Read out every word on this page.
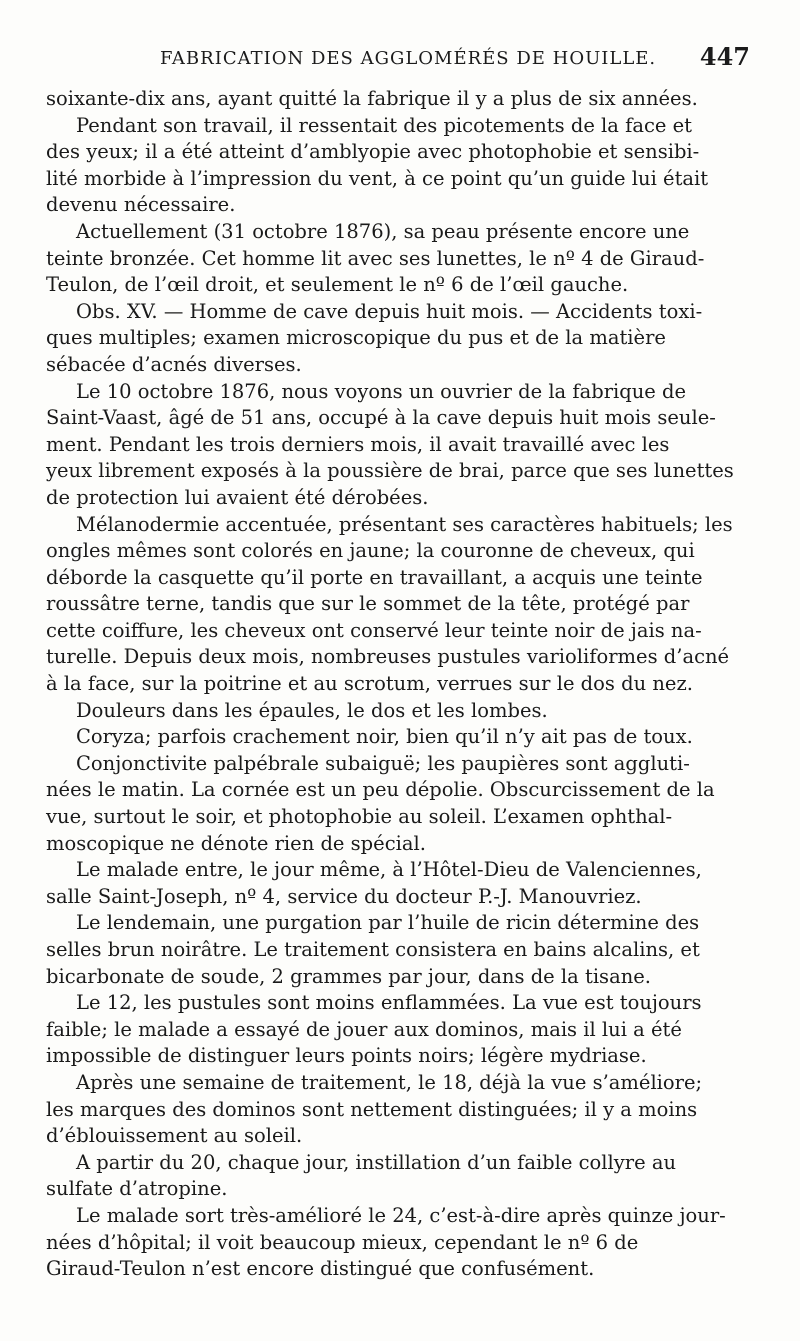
FABRICATION DES AGGLOMÉRÉS DE HOUILLE. 447

soixante-dix ans, ayant quitté la fabrique il y a plus de six années.

Pendant son travail, il ressentait des picotements de la face et
des yeux; il a été atteint d’amblyopie avec photophobie et sensibi-
lité morbide à l’impression du vent, à ce point qu’un guide lui était
devenu nécessaire.

Actuellement (31 octobre 1876), sa peau présente encore une
teinte bronzée. Cet homme lit avec ses lunettes, le nº 4 de Giraud-
Teulon, de l’œil droit, et seulement le nº 6 de l’œil gauche.

Obs. XV. — Homme de cave depuis huit mois. — Accidents toxi-
ques multiples; examen microscopique du pus et de la matière
sébacée d’acnés diverses.

Le 10 octobre 1876, nous voyons un ouvrier de la fabrique de
Saint-Vaast, âgé de 51 ans, occupé à la cave depuis huit mois seule-
ment. Pendant les trois derniers mois, il avait travaillé avec les
yeux librement exposés à la poussière de brai, parce que ses lunettes
de protection lui avaient été dérobées.

Mélanodermie accentuée, présentant ses caractères habituels; les
ongles mêmes sont colorés en jaune; la couronne de cheveux, qui
déborde la casquette qu’il porte en travaillant, a acquis une teinte
roussâtre terne, tandis que sur le sommet de la tête, protégé par
cette coiffure, les cheveux ont conservé leur teinte noir de jais na-
turelle. Depuis deux mois, nombreuses pustules varioliformes d’acné
à la face, sur la poitrine et au scrotum, verrues sur le dos du nez.

Douleurs dans les épaules, le dos et les lombes.

Coryza; parfois crachement noir, bien qu’il n’y ait pas de toux.

Conjonctivite palpébrale subaiguë; les paupières sont aggluti-
nées le matin. La cornée est un peu dépolie. Obscurcissement de la
vue, surtout le soir, et photophobie au soleil. L’examen ophthal-
moscopique ne dénote rien de spécial.

Le malade entre, le jour même, à l’Hôtel-Dieu de Valenciennes,
salle Saint-Joseph, nº 4, service du docteur P.-J. Manouvriez.

Le lendemain, une purgation par l’huile de ricin détermine des
selles brun noirâtre. Le traitement consistera en bains alcalins, et
bicarbonate de soude, 2 grammes par jour, dans de la tisane.

Le 12, les pustules sont moins enflammées. La vue est toujours
faible; le malade a essayé de jouer aux dominos, mais il lui a été
impossible de distinguer leurs points noirs; légère mydriase.

Après une semaine de traitement, le 18, déjà la vue s’améliore;
les marques des dominos sont nettement distinguées; il y a moins
d’éblouissement au soleil.

A partir du 20, chaque jour, instillation d’un faible collyre au
sulfate d’atropine.

Le malade sort très-amélioré le 24, c’est-à-dire après quinze jour-
nées d’hôpital; il voit beaucoup mieux, cependant le nº 6 de
Giraud-Teulon n’est encore distingué que confusément.
